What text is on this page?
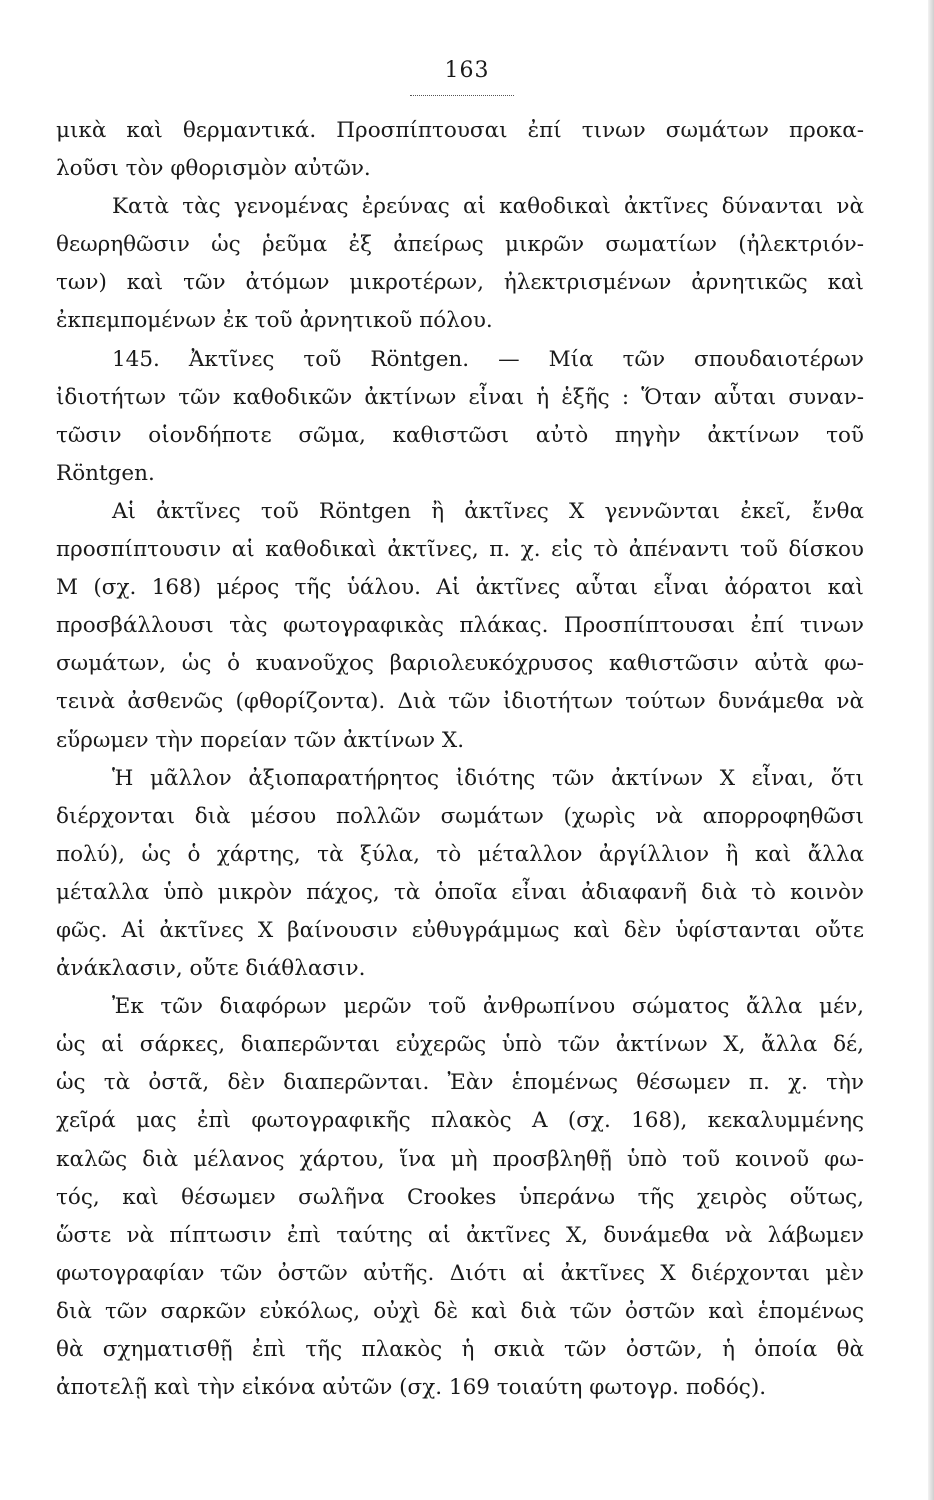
163
μικὰ καὶ θερμαντικά. Προσπίπτουσαι ἐπί τινων σωμάτων προκα-
λοῦσι τὸν φθορισμὸν αὐτῶν.
Κατὰ τὰς γενομένας ἐρεύνας αἱ καθοδικαὶ ἀκτῖνες δύνανται νὰ
θεωρηθῶσιν ὡς ῥεῦμα ἐξ ἀπείρως μικρῶν σωματίων (ἠλεκτριόν-
των) καὶ τῶν ἀτόμων μικροτέρων, ἠλεκτρισμένων ἀρνητικῶς καὶ
ἐκπεμπομένων ἐκ τοῦ ἀρνητικοῦ πόλου.
145. Ἀκτῖνες τοῦ Röntgen. — Μία τῶν σπουδαιοτέρων
ἰδιοτήτων τῶν καθοδικῶν ἀκτίνων εἶναι ἡ ἑξῆς : Ὅταν αὗται συναν-
τῶσιν οἱονδήποτε σῶμα, καθιστῶσι αὐτὸ πηγὴν ἀκτίνων τοῦ
Röntgen.
Αἱ ἀκτῖνες τοῦ Röntgen ἢ ἀκτῖνες X γεννῶνται ἐκεῖ, ἔνθα
προσπίπτουσιν αἱ καθοδικαὶ ἀκτῖνες, π. χ. εἰς τὸ ἀπέναντι τοῦ δίσκου
M (σχ. 168) μέρος τῆς ὑάλου. Αἱ ἀκτῖνες αὗται εἶναι ἀόρατοι καὶ
προσβάλλουσι τὰς φωτογραφικὰς πλάκας. Προσπίπτουσαι ἐπί τινων
σωμάτων, ὡς ὁ κυανοῦχος βαριολευκόχρυσος καθιστῶσιν αὐτὰ φω-
τεινὰ ἀσθενῶς (φθορίζοντα). Διὰ τῶν ἰδιοτήτων τούτων δυνάμεθα νὰ
εὕρωμεν τὴν πορείαν τῶν ἀκτίνων X.
Ἡ μᾶλλον ἀξιοπαρατήρητος ἰδιότης τῶν ἀκτίνων X εἶναι, ὅτι
διέρχονται διὰ μέσου πολλῶν σωμάτων (χωρὶς νὰ απορροφηθῶσι
πολύ), ὡς ὁ χάρτης, τὰ ξύλα, τὸ μέταλλον ἀργίλλιον ἢ καὶ ἄλλα
μέταλλα ὑπὸ μικρὸν πάχος, τὰ ὁποῖα εἶναι ἀδιαφανῆ διὰ τὸ κοινὸν
φῶς. Αἱ ἀκτῖνες X βαίνουσιν εὐθυγράμμως καὶ δὲν ὑφίστανται οὔτε
ἀνάκλασιν, οὔτε διάθλασιν.
Ἐκ τῶν διαφόρων μερῶν τοῦ ἀνθρωπίνου σώματος ἄλλα μέν,
ὡς αἱ σάρκες, διαπερῶνται εὐχερῶς ὑπὸ τῶν ἀκτίνων X, ἄλλα δέ,
ὡς τὰ ὀστᾶ, δὲν διαπερῶνται. Ἐὰν ἑπομένως θέσωμεν π. χ. τὴν
χεῖρά μας ἐπὶ φωτογραφικῆς πλακὸς A (σχ. 168), κεκαλυμμένης
καλῶς διὰ μέλανος χάρτου, ἵνα μὴ προσβληθῇ ὑπὸ τοῦ κοινοῦ φω-
τός, καὶ θέσωμεν σωλῆνα Crookes ὑπεράνω τῆς χειρὸς οὕτως,
ὥστε νὰ πίπτωσιν ἐπὶ ταύτης αἱ ἀκτῖνες X, δυνάμεθα νὰ λάβωμεν
φωτογραφίαν τῶν ὀστῶν αὐτῆς. Διότι αἱ ἀκτῖνες X διέρχονται μὲν
διὰ τῶν σαρκῶν εὐκόλως, οὐχὶ δὲ καὶ διὰ τῶν ὀστῶν καὶ ἑπομένως
θὰ σχηματισθῇ ἐπὶ τῆς πλακὸς ἡ σκιὰ τῶν ὀστῶν, ἡ ὁποία θὰ
ἀποτελῇ καὶ τὴν εἰκόνα αὐτῶν (σχ. 169 τοιαύτη φωτογρ. ποδός).
